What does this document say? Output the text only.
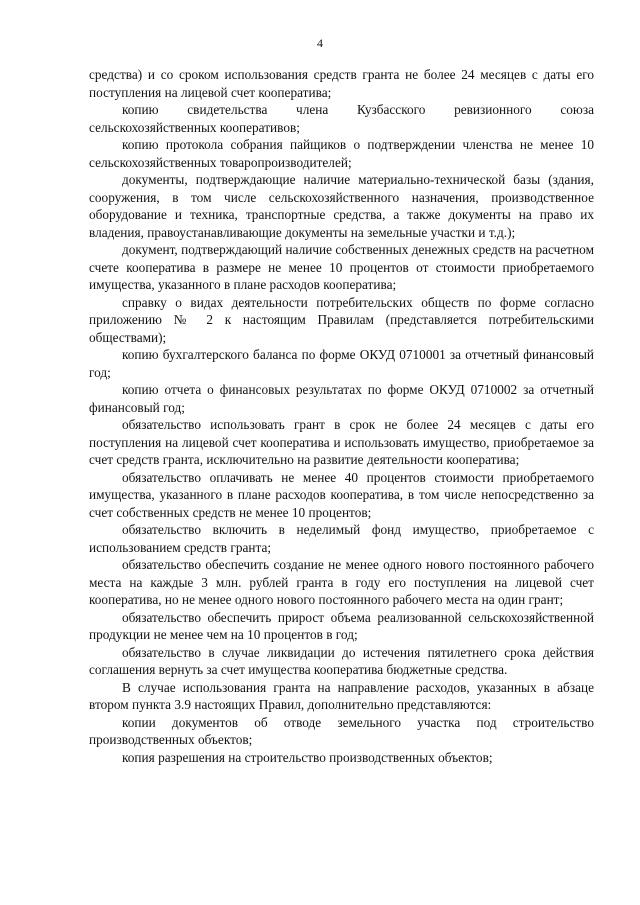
4

средства) и со сроком использования средств гранта не более 24 месяцев с даты его поступления на лицевой счет кооператива;

копию свидетельства члена Кузбасского ревизионного союза сельскохозяйственных кооперативов;

копию протокола собрания пайщиков о подтверждении членства не менее 10 сельскохозяйственных товаропроизводителей;

документы, подтверждающие наличие материально-технической базы (здания, сооружения, в том числе сельскохозяйственного назначения, производственное оборудование и техника, транспортные средства, а также документы на право их владения, правоустанавливающие документы на земельные участки и т.д.);

документ, подтверждающий наличие собственных денежных средств на расчетном счете кооператива в размере не менее 10 процентов от стоимости приобретаемого имущества, указанного в плане расходов кооператива;

справку о видах деятельности потребительских обществ по форме согласно приложению № 2 к настоящим Правилам (представляется потребительскими обществами);

копию бухгалтерского баланса по форме ОКУД 0710001 за отчетный финансовый год;

копию отчета о финансовых результатах по форме ОКУД 0710002 за отчетный финансовый год;

обязательство использовать грант в срок не более 24 месяцев с даты его поступления на лицевой счет кооператива и использовать имущество, приобретаемое за счет средств гранта, исключительно на развитие деятельности кооператива;

обязательство оплачивать не менее 40 процентов стоимости приобретаемого имущества, указанного в плане расходов кооператива, в том числе непосредственно за счет собственных средств не менее 10 процентов;

обязательство включить в неделимый фонд имущество, приобретаемое с использованием средств гранта;

обязательство обеспечить создание не менее одного нового постоянного рабочего места на каждые 3 млн. рублей гранта в году его поступления на лицевой счет кооператива, но не менее одного нового постоянного рабочего места на один грант;

обязательство обеспечить прирост объема реализованной сельскохозяйственной продукции не менее чем на 10 процентов в год;

обязательство в случае ликвидации до истечения пятилетнего срока действия соглашения вернуть за счет имущества кооператива бюджетные средства.

В случае использования гранта на направление расходов, указанных в абзаце втором пункта 3.9 настоящих Правил, дополнительно представляются:

копии документов об отводе земельного участка под строительство производственных объектов;

копия разрешения на строительство производственных объектов;
